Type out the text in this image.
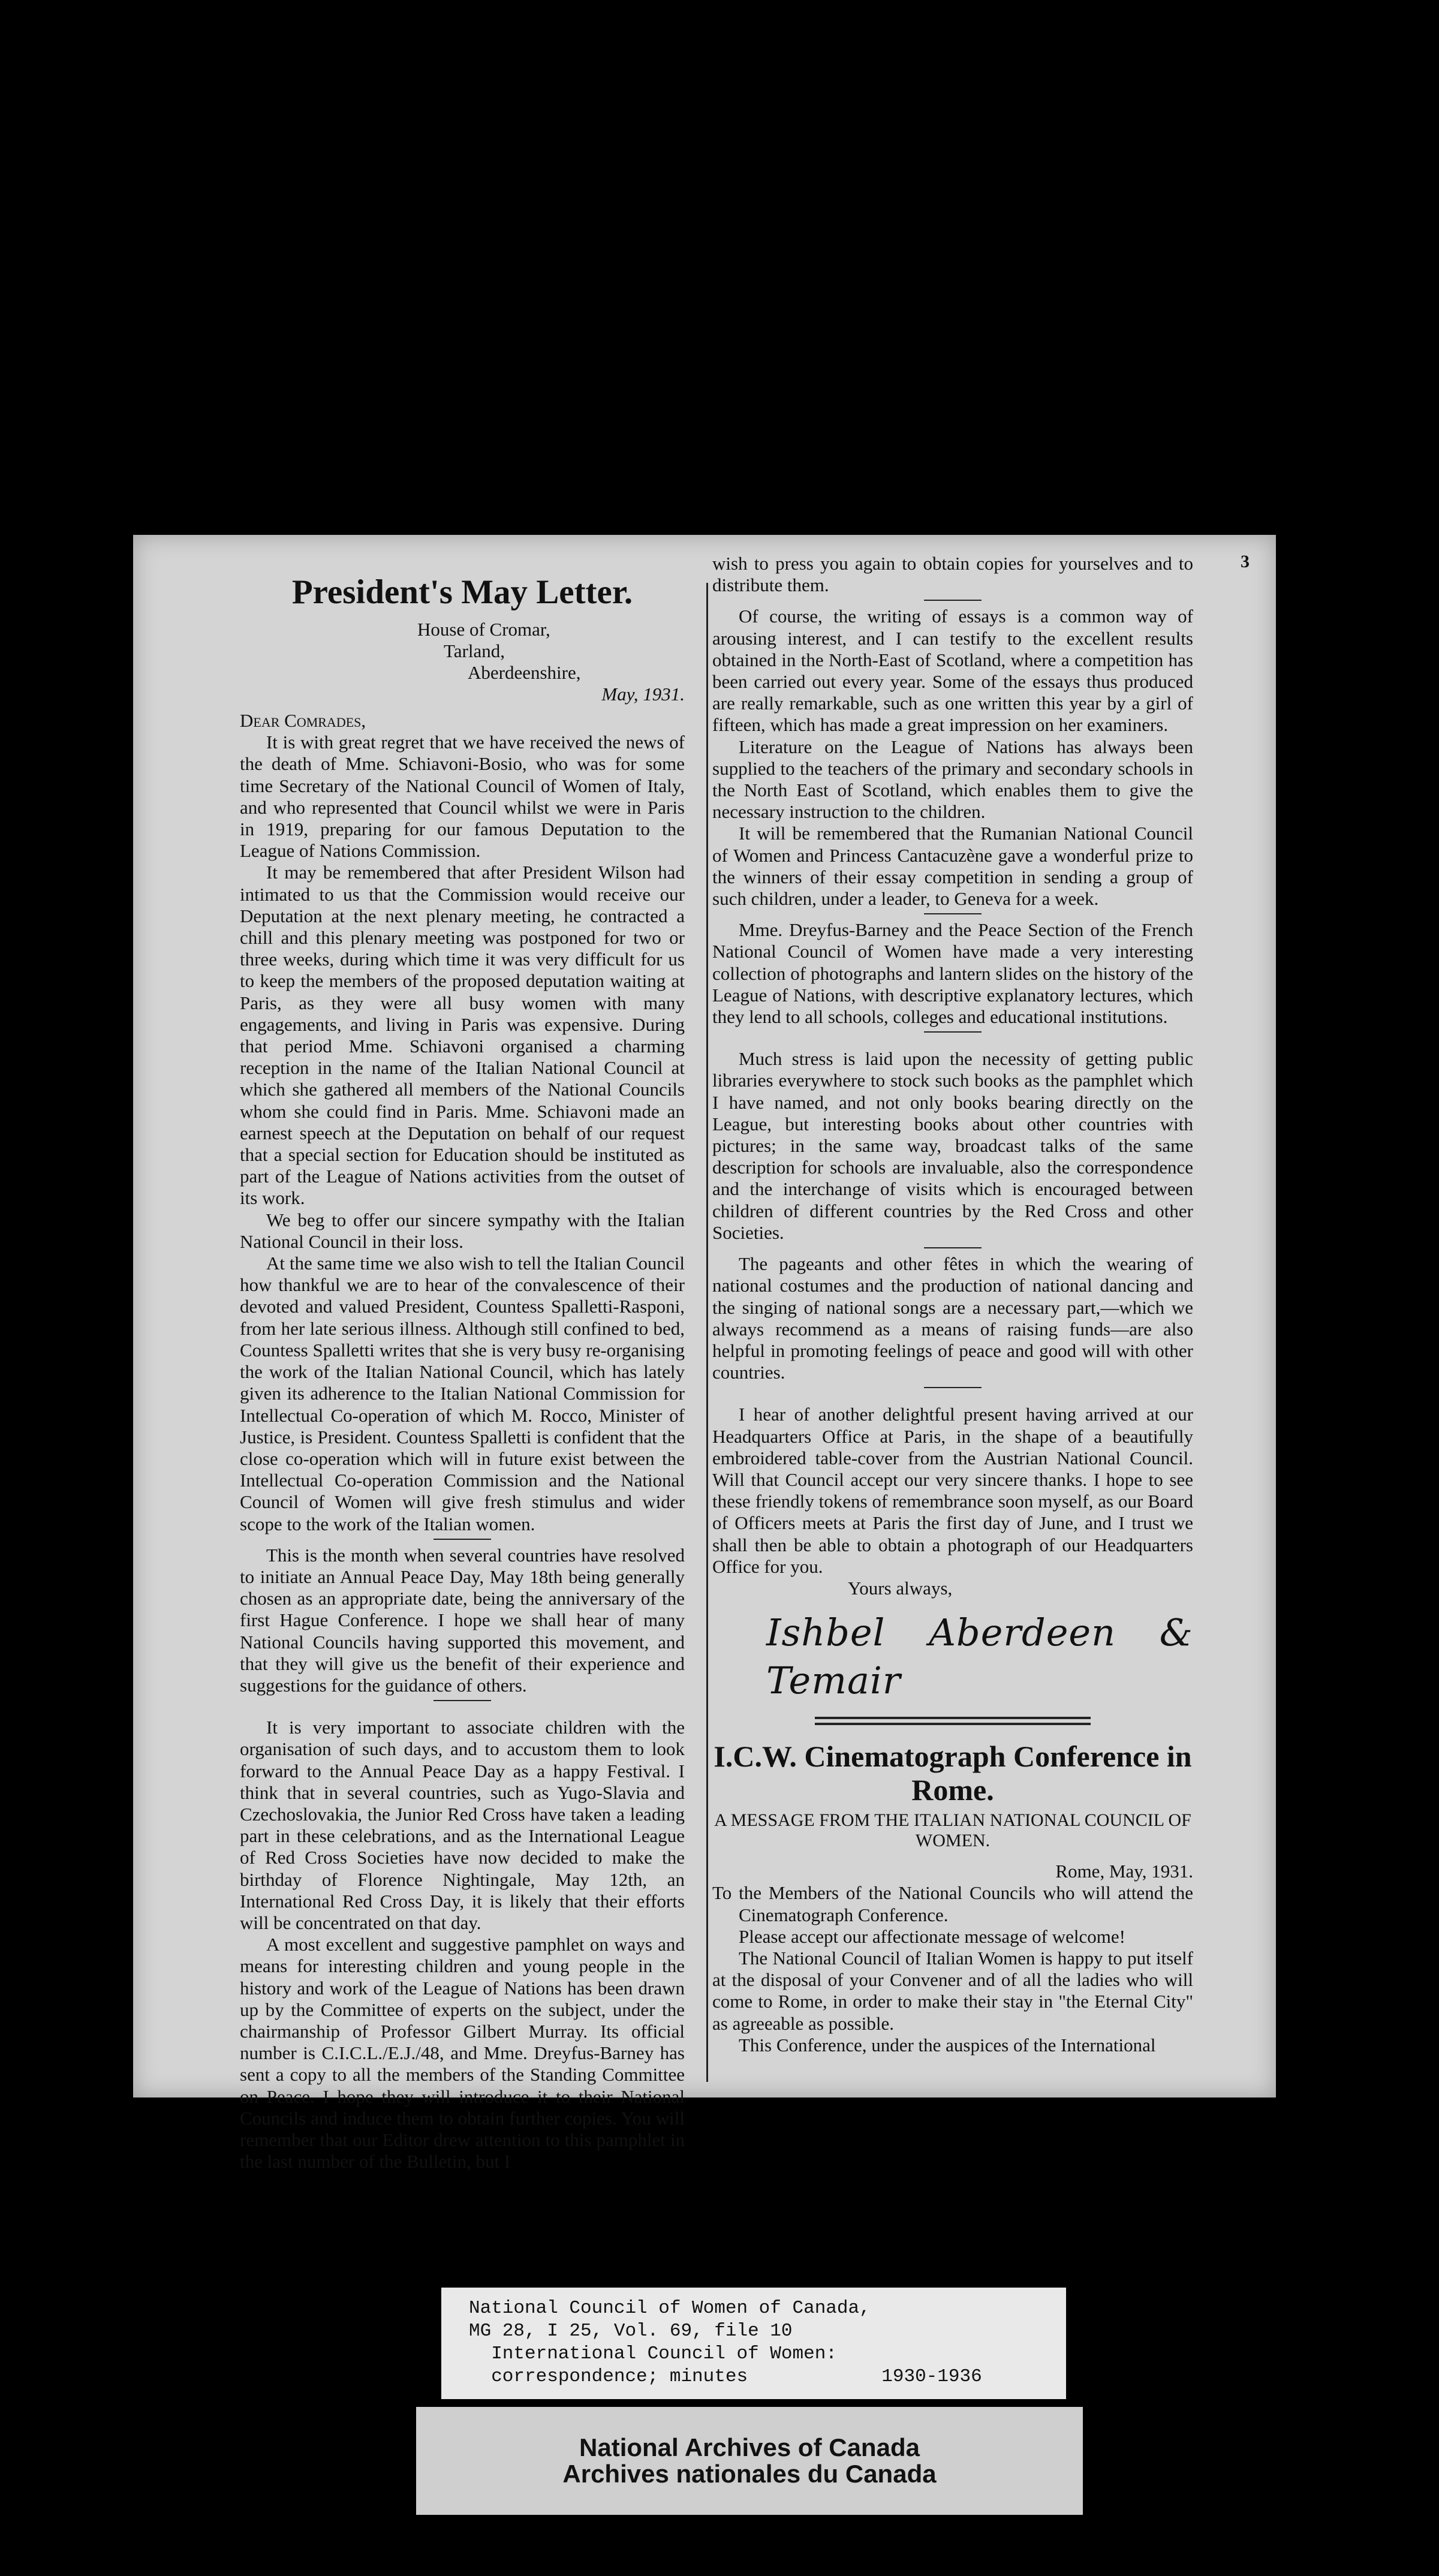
3
President's May Letter.

House of Cromar,

Tarland,

Aberdeenshire,

May, 1931.

Dear Comrades,

It is with great regret that we have received the news of the death of Mme. Schiavoni-Bosio, who was for some time Secretary of the National Council of Women of Italy, and who represented that Council whilst we were in Paris in 1919, preparing for our famous Deputation to the League of Nations Commission.

It may be remembered that after President Wilson had intimated to us that the Commission would receive our Deputation at the next plenary meeting, he contracted a chill and this plenary meeting was postponed for two or three weeks, during which time it was very difficult for us to keep the members of the proposed deputation waiting at Paris, as they were all busy women with many engagements, and living in Paris was expensive. During that period Mme. Schiavoni organised a charming reception in the name of the Italian National Council at which she gathered all members of the National Councils whom she could find in Paris. Mme. Schiavoni made an earnest speech at the Deputation on behalf of our request that a special section for Education should be instituted as part of the League of Nations activities from the outset of its work.

We beg to offer our sincere sympathy with the Italian National Council in their loss.

At the same time we also wish to tell the Italian Council how thankful we are to hear of the convalescence of their devoted and valued President, Countess Spalletti-Rasponi, from her late serious illness. Although still confined to bed, Countess Spalletti writes that she is very busy re-organising the work of the Italian National Council, which has lately given its adherence to the Italian National Commission for Intellectual Co-operation of which M. Rocco, Minister of Justice, is President. Countess Spalletti is confident that the close co-operation which will in future exist between the Intellectual Co-operation Commission and the National Council of Women will give fresh stimulus and wider scope to the work of the Italian women.

This is the month when several countries have resolved to initiate an Annual Peace Day, May 18th being generally chosen as an appropriate date, being the anniversary of the first Hague Conference. I hope we shall hear of many National Councils having supported this movement, and that they will give us the benefit of their experience and suggestions for the guidance of others.

It is very important to associate children with the organisation of such days, and to accustom them to look forward to the Annual Peace Day as a happy Festival. I think that in several countries, such as Yugo-Slavia and Czechoslovakia, the Junior Red Cross have taken a leading part in these celebrations, and as the International League of Red Cross Societies have now decided to make the birthday of Florence Nightingale, May 12th, an International Red Cross Day, it is likely that their efforts will be concentrated on that day.

A most excellent and suggestive pamphlet on ways and means for interesting children and young people in the history and work of the League of Nations has been drawn up by the Committee of experts on the subject, under the chairmanship of Professor Gilbert Murray. Its official number is C.I.C.L./E.J./48, and Mme. Dreyfus-Barney has sent a copy to all the members of the Standing Committee on Peace. I hope they will introduce it to their National Councils and induce them to obtain further copies. You will remember that our Editor drew attention to this pamphlet in the last number of the Bulletin, but I

wish to press you again to obtain copies for yourselves and to distribute them.

Of course, the writing of essays is a common way of arousing interest, and I can testify to the excellent results obtained in the North-East of Scotland, where a competition has been carried out every year. Some of the essays thus produced are really remarkable, such as one written this year by a girl of fifteen, which has made a great impression on her examiners.

Literature on the League of Nations has always been supplied to the teachers of the primary and secondary schools in the North East of Scotland, which enables them to give the necessary instruction to the children.

It will be remembered that the Rumanian National Council of Women and Princess Cantacuzène gave a wonderful prize to the winners of their essay competition in sending a group of such children, under a leader, to Geneva for a week.

Mme. Dreyfus-Barney and the Peace Section of the French National Council of Women have made a very interesting collection of photographs and lantern slides on the history of the League of Nations, with descriptive explanatory lectures, which they lend to all schools, colleges and educational institutions.

Much stress is laid upon the necessity of getting public libraries everywhere to stock such books as the pamphlet which I have named, and not only books bearing directly on the League, but interesting books about other countries with pictures; in the same way, broadcast talks of the same description for schools are invaluable, also the correspondence and the interchange of visits which is encouraged between children of different countries by the Red Cross and other Societies.

The pageants and other fêtes in which the wearing of national costumes and the production of national dancing and the singing of national songs are a necessary part,—which we always recommend as a means of raising funds—are also helpful in promoting feelings of peace and good will with other countries.

I hear of another delightful present having arrived at our Headquarters Office at Paris, in the shape of a beautifully embroidered table-cover from the Austrian National Council. Will that Council accept our very sincere thanks. I hope to see these friendly tokens of remembrance soon myself, as our Board of Officers meets at Paris the first day of June, and I trust we shall then be able to obtain a photograph of our Headquarters Office for you.

Yours always,

Ishbel Aberdeen & Temair
I.C.W. Cinematograph Conference in Rome.

A MESSAGE FROM THE ITALIAN NATIONAL COUNCIL OF WOMEN.

Rome, May, 1931.

To the Members of the National Councils who will attend the Cinematograph Conference.

Please accept our affectionate message of welcome!

The National Council of Italian Women is happy to put itself at the disposal of your Convener and of all the ladies who will come to Rome, in order to make their stay in "the Eternal City" as agreeable as possible.

This Conference, under the auspices of the International

National Council of Women of Canada,
MG 28, I 25, Vol. 69, file 10
International Council of Women:
correspondence; minutes            1930-1936
National Archives of Canada
Archives nationales du Canada
